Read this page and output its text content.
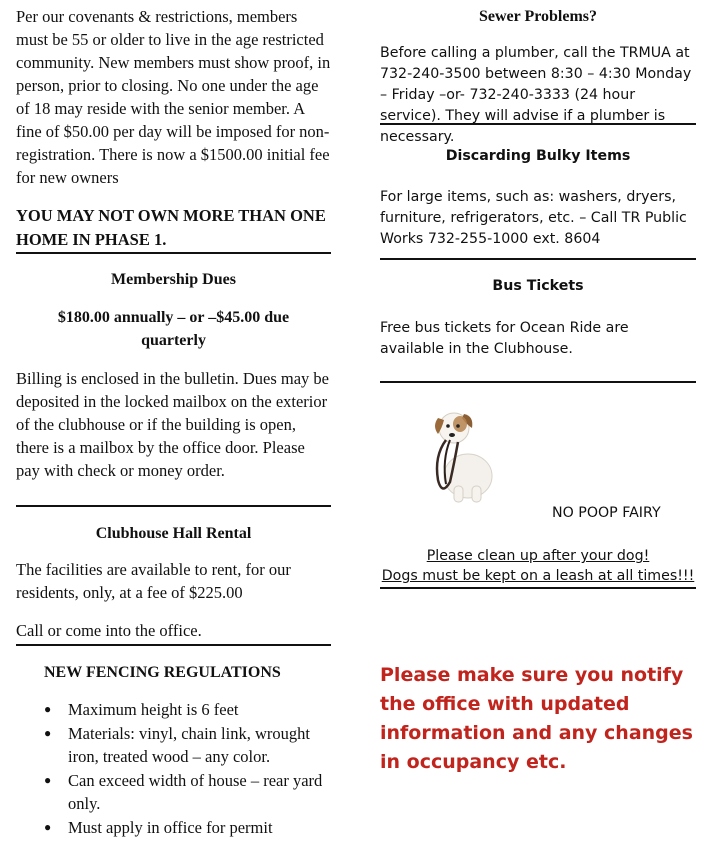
Per our covenants & restrictions, members must be 55 or older to live in the age restricted community. New members must show proof, in person, prior to closing. No one under the age of 18 may reside with the senior member. A fine of $50.00 per day will be imposed for non-registration. There is now a $1500.00 initial fee for new owners

YOU MAY NOT OWN MORE THAN ONE HOME IN PHASE 1.

Membership Dues

$180.00 annually – or –$45.00 due quarterly

Billing is enclosed in the bulletin. Dues may be deposited in the locked mailbox on the exterior of the clubhouse or if the building is open, there is a mailbox by the office door. Please pay with check or money order.

Clubhouse Hall Rental

The facilities are available to rent, for our residents, only, at a fee of $225.00

Call or come into the office.

NEW FENCING REGULATIONS

● Maximum height is 6 feet
● Materials: vinyl, chain link, wrought iron, treated wood – any color.
● Can exceed width of house – rear yard only.
● Must apply in office for permit

Sewer Problems?

Before calling a plumber, call the TRMUA at 732-240-3500 between 8:30 – 4:30 Monday – Friday –or- 732-240-3333 (24 hour service). They will advise if a plumber is necessary.

Discarding Bulky Items

For large items, such as: washers, dryers, furniture, refrigerators, etc. – Call TR Public Works 732-255-1000 ext. 8604

Bus Tickets

Free bus tickets for Ocean Ride are available in the Clubhouse.

NO POOP FAIRY

Please clean up after your dog!

Dogs must be kept on a leash at all times!!!

Please make sure you notify the office with updated information and any changes in occupancy etc.
